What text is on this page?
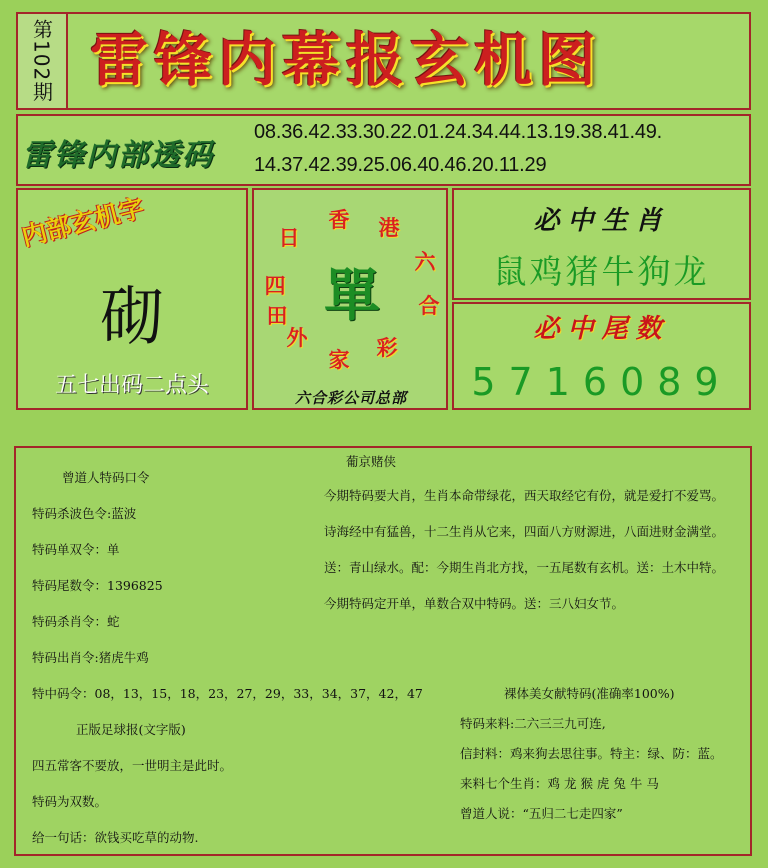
第102期 雷锋内幕报玄机图
雷锋内部透码
08.36.42.33.30.22.01.24.34.44.13.19.38.41.49.
14.37.42.39.25.06.40.46.20.11.29
内部玄机字
砌
五七出码二点头
香 港
六
合
彩
家
外
四
日
田 單
六合彩公司总部
必中生肖
鼠鸡猪牛狗龙
必中尾数
5716089
曾道人特码口令
特码杀波色令:蓝波
特码单双令：单
特码尾数令：1396825
特码杀肖令：蛇
特码出肖令:猪虎牛鸡
特中码令：08，13，15，18，23，27，29，33，34，37，42，47
正版足球报(文字版)
四五常客不要放，一世明主是此时。
特码为双数。
给一句话：欲钱买吃草的动物.
葡京赌侠
今期特码要大肖，生肖本命带绿花，西天取经它有份，就是爱打不爱骂。
诗海经中有猛兽，十二生肖从它来，四面八方财源进，八面进财金满堂。
送：青山绿水。配：今期生肖北方找，一五尾数有玄机。送：土木中特。
今期特码定开单，单数合双中特码。送：三八妇女节。
裸体美女献特码(准确率100%)
特码来料:二六三三九可连,
信封料：鸡来狗去思往事。特主：绿、防：蓝。
来料七个生肖：鸡 龙 猴 虎 兔 牛 马
曾道人说：“五归二七走四家”
